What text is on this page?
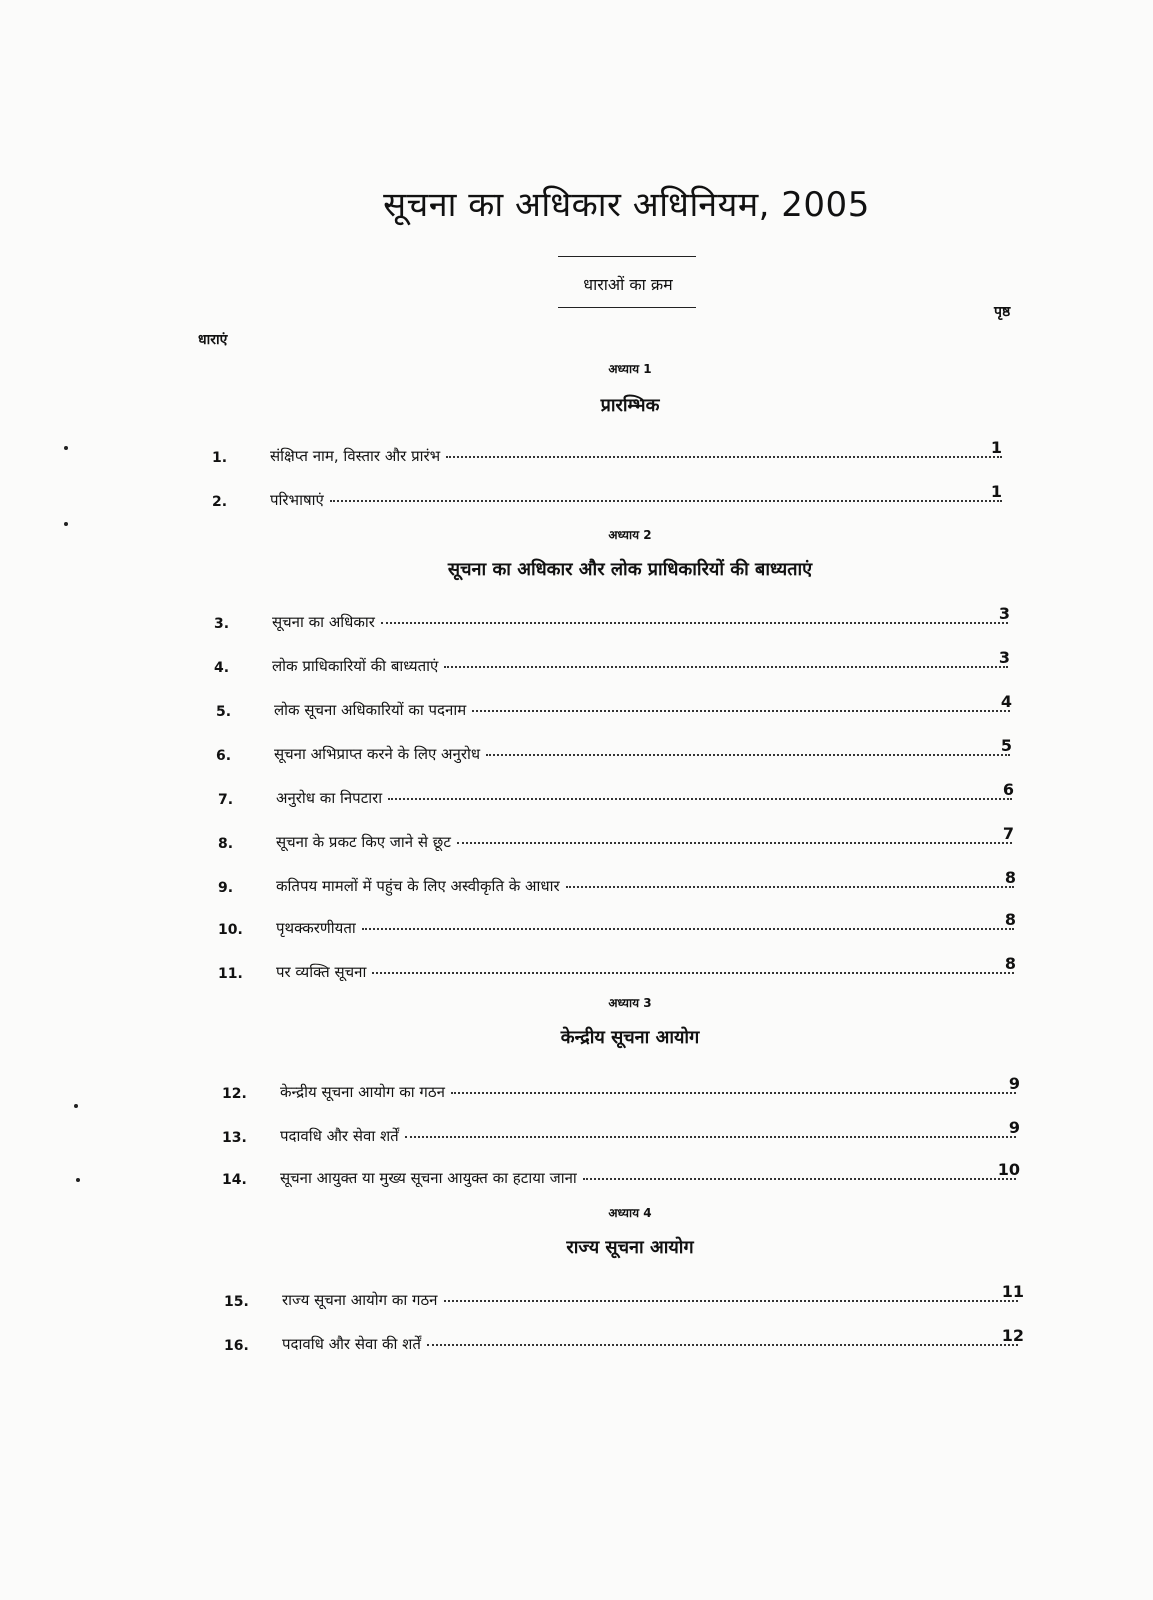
सूचना का अधिकार अधिनियम, 2005
धाराओं का क्रम
पृष्ठ
धाराएं
अध्याय 1
प्रारम्भिक
1.	संक्षिप्त नाम, विस्तार और प्रारंभ	1
2.	परिभाषाएं	1
अध्याय 2
सूचना का अधिकार और लोक प्राधिकारियों की बाध्यताएं
3.	सूचना का अधिकार	3
4.	लोक प्राधिकारियों की बाध्यताएं	3
5.	लोक सूचना अधिकारियों का पदनाम	4
6.	सूचना अभिप्राप्त करने के लिए अनुरोध	5
7.	अनुरोध का निपटारा	6
8.	सूचना के प्रकट किए जाने से छूट	7
9.	कतिपय मामलों में पहुंच के लिए अस्वीकृति के आधार	8
10. पृथक्करणीयता	8
11. पर व्यक्ति सूचना	8
अध्याय 3
केन्द्रीय सूचना आयोग
12. केन्द्रीय सूचना आयोग का गठन	9
13. पदावधि और सेवा शर्तें	9
14. सूचना आयुक्त या मुख्य सूचना आयुक्त का हटाया जाना	10
अध्याय 4
राज्य सूचना आयोग
15. राज्य सूचना आयोग का गठन	11
16. पदावधि और सेवा की शर्तें	12
